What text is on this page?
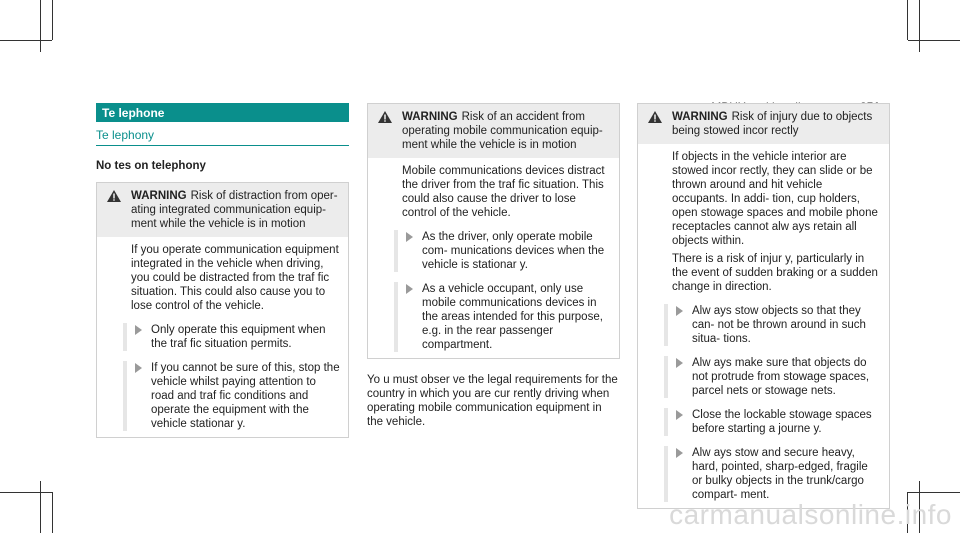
Te lephone
Te lephony
No tes on telephony
WARNING Risk of distraction from oper‐ ating integrated communication equip‐ ment while the vehicle is in motion

If you operate communication equipment integrated in the vehicle when driving, you could be distracted from the traf fic situation. This could also cause you to lose control of the vehicle.

Only operate this equipment when the traf fic situation permits.
If you cannot be sure of this, stop the vehicle whilst paying attention to road and traf fic conditions and operate the equipment with the vehicle stationar y.
WARNING Risk of an accident from operating mobile communication equip‐ ment while the vehicle is in motion

Mobile communications devices distract the driver from the traf fic situation. This could also cause the driver to lose control of the vehicle.

As the driver, only operate mobile com‐ munications devices when the vehicle is stationar y.
As a vehicle occupant, only use mobile communications devices in the areas intended for this purpose, e.g. in the rear passenger compartment.
Yo u must obser ve the legal requirements for the country in which you are cur rently driving when operating mobile communication equipment in the vehicle.
WARNING Risk of injury due to objects being stowed incor rectly

If objects in the vehicle interior are stowed incor rectly, they can slide or be thrown around and hit vehicle occupants. In addi‐ tion, cup holders, open stowage spaces and mobile phone receptacles cannot alw ays retain all objects within.

There is a risk of injur y, particularly in the event of sudden braking or a sudden change in direction.

Alw ays stow objects so that they can‐ not be thrown around in such situa‐ tions.
Alw ays make sure that objects do not protrude from stowage spaces, parcel nets or stowage nets.
Close the lockable stowage spaces before starting a journe y.
Alw ays stow and secure heavy, hard, pointed, sharp-edged, fragile or bulky objects in the trunk/cargo compart‐ ment.
carmanualsonline.info
